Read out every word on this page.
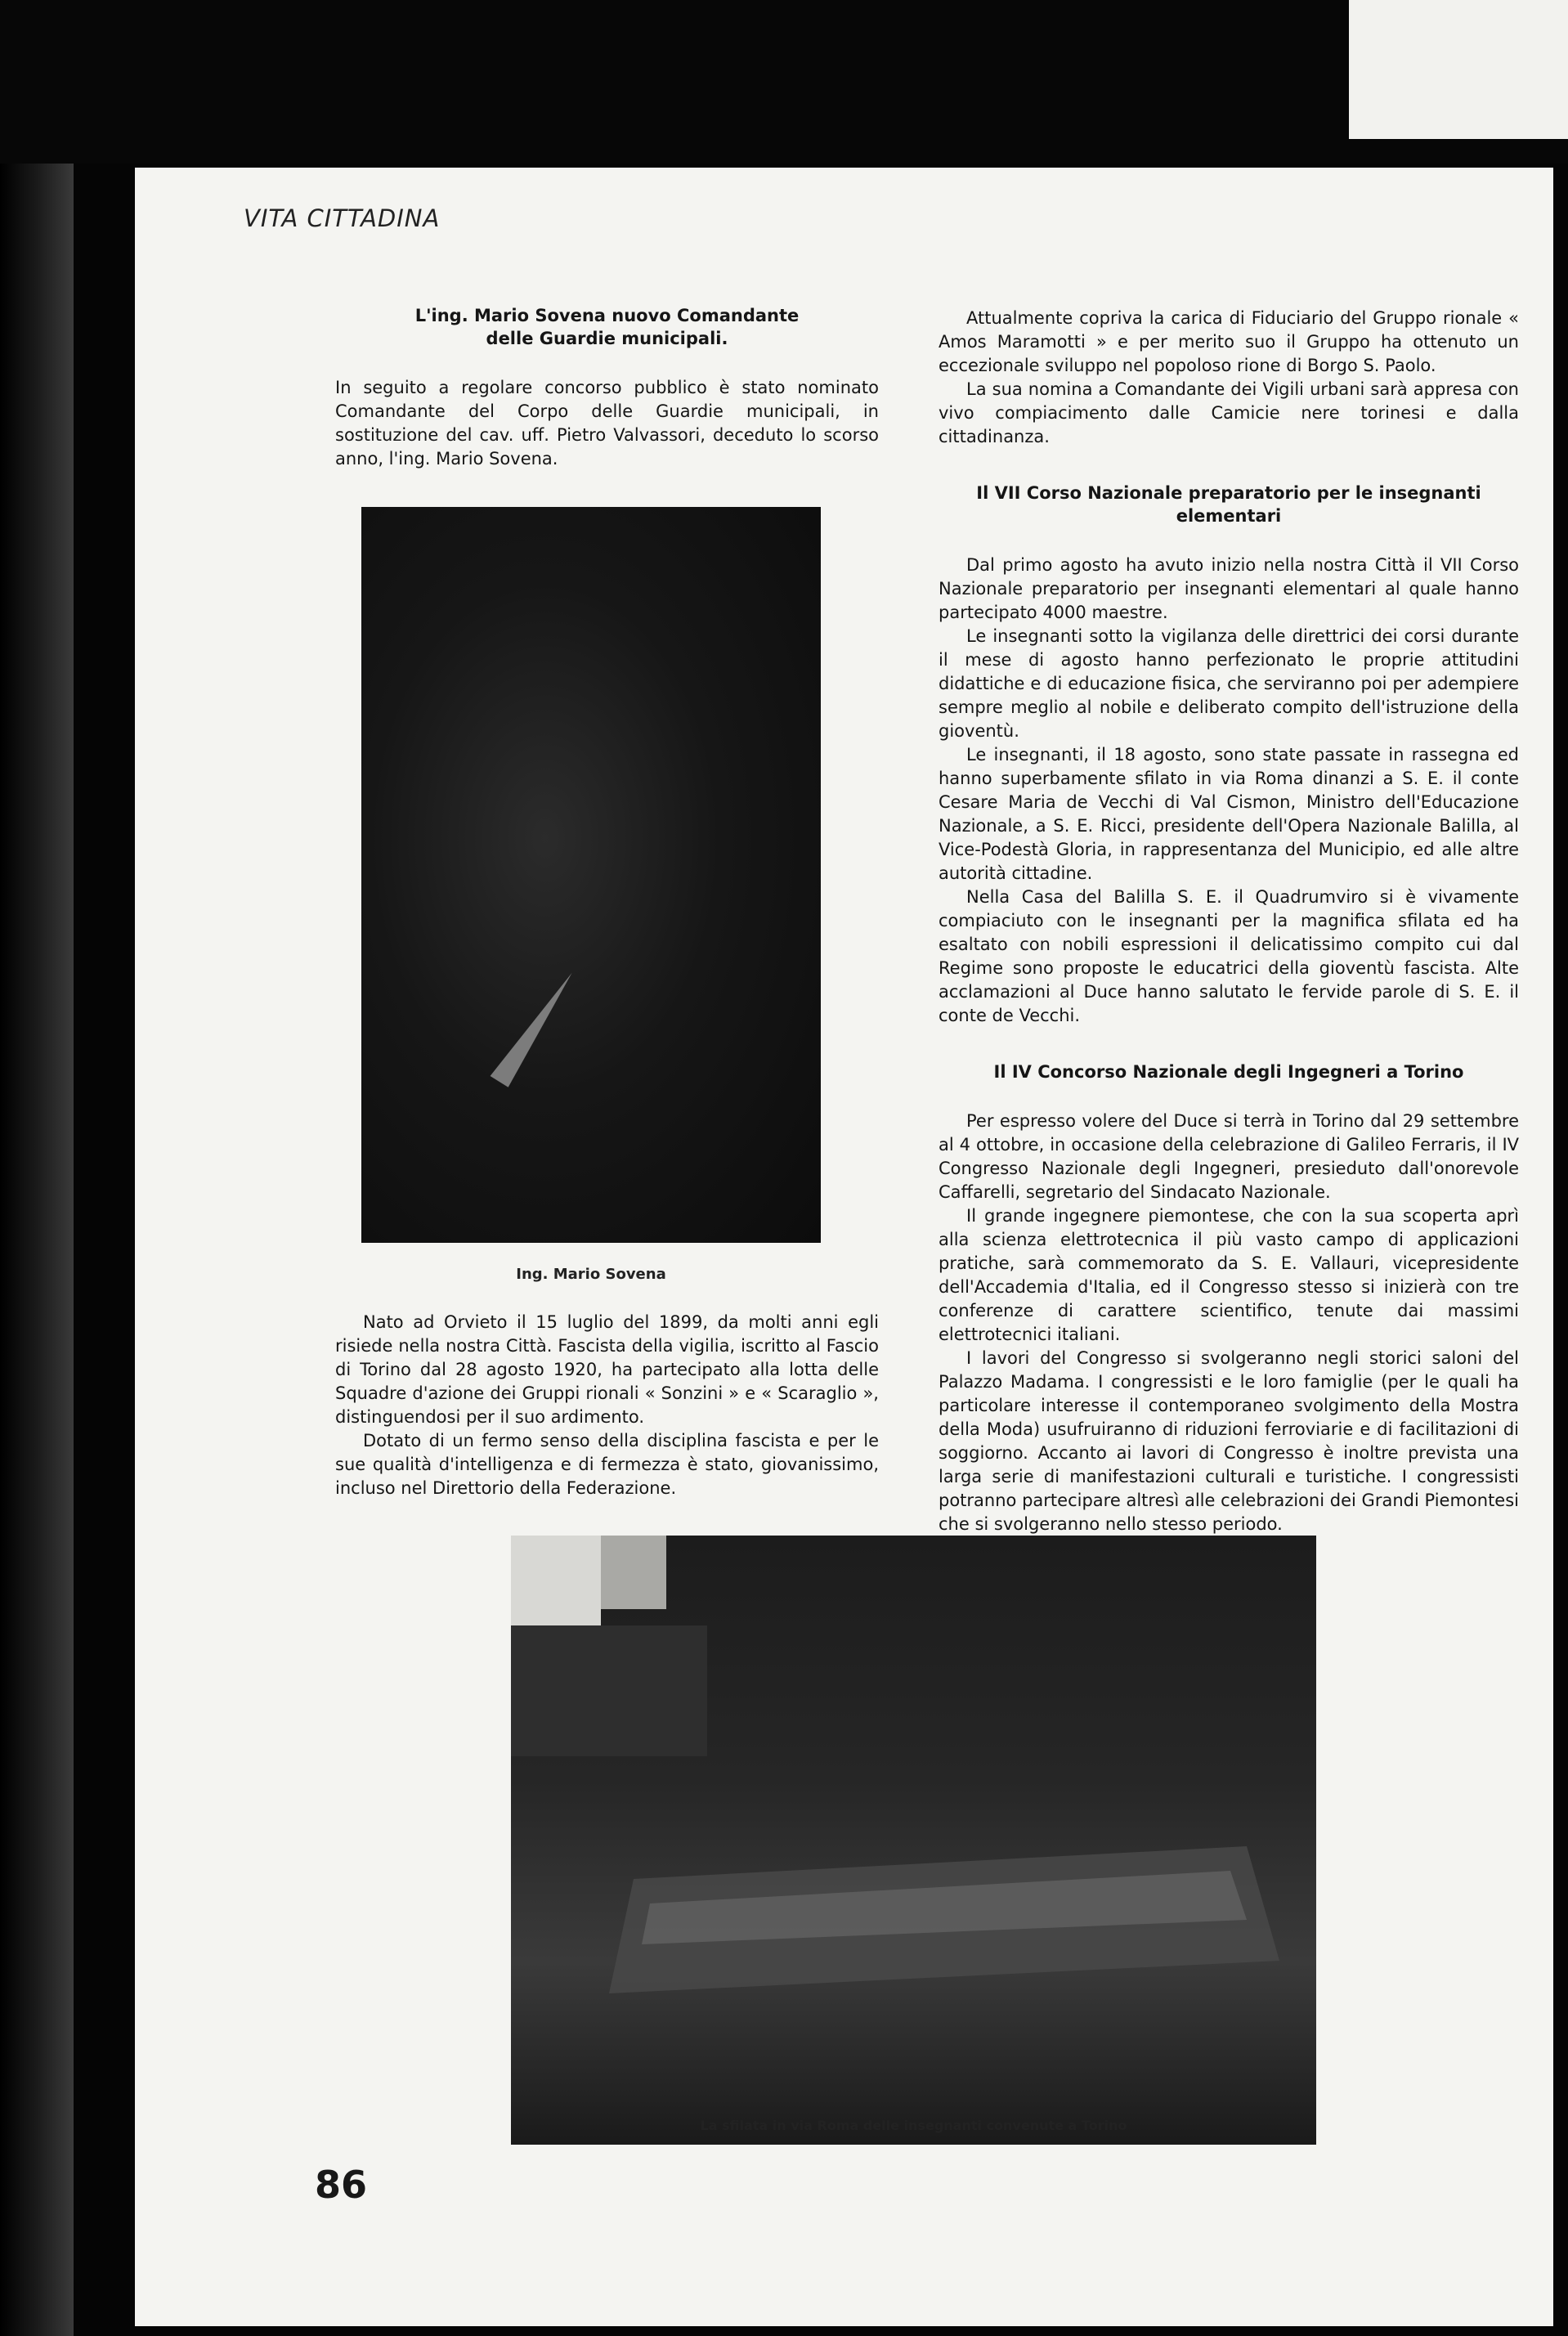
VITA CITTADINA
L'ing. Mario Sovena nuovo Comandante
delle Guardie municipali.

In seguito a regolare concorso pubblico è stato nominato Comandante del Corpo delle Guardie municipali, in sostituzione del cav. uff. Pietro Valvassori, deceduto lo scorso anno, l'ing. Mario Sovena.

Ing. Mario Sovena

Nato ad Orvieto il 15 luglio del 1899, da molti anni egli risiede nella nostra Città. Fascista della vigilia, iscritto al Fascio di Torino dal 28 agosto 1920, ha partecipato alla lotta delle Squadre d'azione dei Gruppi rionali « Sonzini » e « Scaraglio », distinguendosi per il suo ardimento.

Dotato di un fermo senso della disciplina fascista e per le sue qualità d'intelligenza e di fermezza è stato, giovanissimo, incluso nel Direttorio della Federazione.

Attualmente copriva la carica di Fiduciario del Gruppo rionale « Amos Maramotti » e per merito suo il Gruppo ha ottenuto un eccezionale sviluppo nel popoloso rione di Borgo S. Paolo.

La sua nomina a Comandante dei Vigili urbani sarà appresa con vivo compiacimento dalle Camicie nere torinesi e dalla cittadinanza.

Il VII Corso Nazionale preparatorio per le insegnanti
elementari

Dal primo agosto ha avuto inizio nella nostra Città il VII Corso Nazionale preparatorio per insegnanti elementari al quale hanno partecipato 4000 maestre.

Le insegnanti sotto la vigilanza delle direttrici dei corsi durante il mese di agosto hanno perfezionato le proprie attitudini didattiche e di educazione fisica, che serviranno poi per adempiere sempre meglio al nobile e deliberato compito dell'istruzione della gioventù.

Le insegnanti, il 18 agosto, sono state passate in rassegna ed hanno superbamente sfilato in via Roma dinanzi a S. E. il conte Cesare Maria de Vecchi di Val Cismon, Ministro dell'Educazione Nazionale, a S. E. Ricci, presidente dell'Opera Nazionale Balilla, al Vice-Podestà Gloria, in rappresentanza del Municipio, ed alle altre autorità cittadine.

Nella Casa del Balilla S. E. il Quadrumviro si è vivamente compiaciuto con le insegnanti per la magnifica sfilata ed ha esaltato con nobili espressioni il delicatissimo compito cui dal Regime sono proposte le educatrici della gioventù fascista. Alte acclamazioni al Duce hanno salutato le fervide parole di S. E. il conte de Vecchi.

Il IV Concorso Nazionale degli Ingegneri a Torino

Per espresso volere del Duce si terrà in Torino dal 29 settembre al 4 ottobre, in occasione della celebrazione di Galileo Ferraris, il IV Congresso Nazionale degli Ingegneri, presieduto dall'onorevole Caffarelli, segretario del Sindacato Nazionale.

Il grande ingegnere piemontese, che con la sua scoperta aprì alla scienza elettrotecnica il più vasto campo di applicazioni pratiche, sarà commemorato da S. E. Vallauri, vicepresidente dell'Accademia d'Italia, ed il Congresso stesso si inizierà con tre conferenze di carattere scientifico, tenute dai massimi elettrotecnici italiani.

I lavori del Congresso si svolgeranno negli storici saloni del Palazzo Madama. I congressisti e le loro famiglie (per le quali ha particolare interesse il contemporaneo svolgimento della Mostra della Moda) usufruiranno di riduzioni ferroviarie e di facilitazioni di soggiorno. Accanto ai lavori di Congresso è inoltre prevista una larga serie di manifestazioni culturali e turistiche. I congressisti potranno partecipare altresì alle celebrazioni dei Grandi Piemontesi che si svolgeranno nello stesso periodo.

La sfilata in via Roma delle insegnanti convenute a Torino
86
